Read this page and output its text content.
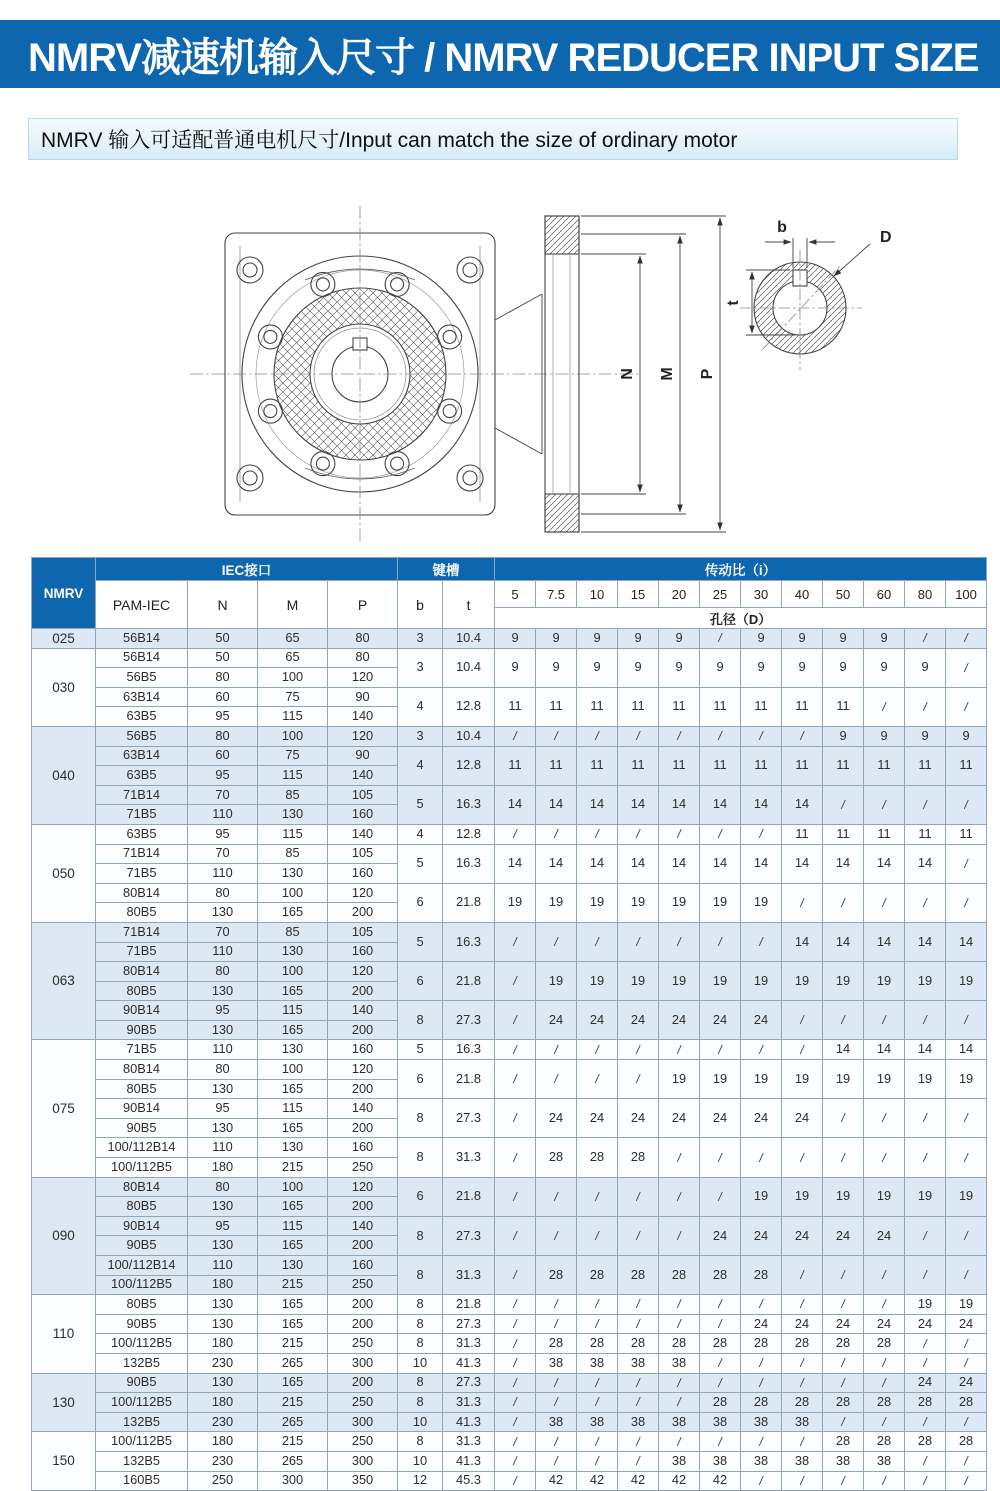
NMRV减速机输入尺寸 / NMRV REDUCER INPUT SIZE
NMRV 输入可适配普通电机尺寸/Input can match the size of ordinary motor
N M P
b
t
D
NMRV	IEC接口				键槽		传动比（i）											
	PAM-IEC	N	M	P	b	t	5	7.5	10	15	20	25	30	40	50	60	80	100
							孔径（D）											
025	56B14	50	65	80	3	10.4	9	9	9	9	9	/	9	9	9	9	/	/
030	56B14	50	65	80	3	10.4	9	9	9	9	9	9	9	9	9	9	9	/
	56B5	80	100	120														
	63B14	60	75	90	4	12.8	11	11	11	11	11	11	11	11	11	/	/	/
	63B5	95	115	140														
040	56B5	80	100	120	3	10.4	/	/	/	/	/	/	/	/	9	9	9	9
	63B14	60	75	90	4	12.8	11	11	11	11	11	11	11	11	11	11	11	11
	63B5	95	115	140														
	71B14	70	85	105	5	16.3	14	14	14	14	14	14	14	14	/	/	/	/
	71B5	110	130	160														
050	63B5	95	115	140	4	12.8	/	/	/	/	/	/	/	11	11	11	11	11
	71B14	70	85	105	5	16.3	14	14	14	14	14	14	14	14	14	14	14	/
	71B5	110	130	160														
	80B14	80	100	120	6	21.8	19	19	19	19	19	19	19	/	/	/	/	/
	80B5	130	165	200														
063	71B14	70	85	105	5	16.3	/	/	/	/	/	/	/	14	14	14	14	14
	71B5	110	130	160														
	80B14	80	100	120	6	21.8	/	19	19	19	19	19	19	19	19	19	19	19
	80B5	130	165	200														
	90B14	95	115	140	8	27.3	/	24	24	24	24	24	24	/	/	/	/	/
	90B5	130	165	200														
075	71B5	110	130	160	5	16.3	/	/	/	/	/	/	/	/	14	14	14	14
	80B14	80	100	120	6	21.8	/	/	/	/	19	19	19	19	19	19	19	19
	80B5	130	165	200														
	90B14	95	115	140	8	27.3	/	24	24	24	24	24	24	24	/	/	/	/
	90B5	130	165	200														
	100/112B14	110	130	160	8	31.3	/	28	28	28	/	/	/	/	/	/	/	/
	100/112B5	180	215	250														
090	80B14	80	100	120	6	21.8	/	/	/	/	/	/	19	19	19	19	19	19
	80B5	130	165	200														
	90B14	95	115	140	8	27.3	/	/	/	/	/	24	24	24	24	24	/	/
	90B5	130	165	200														
	100/112B14	110	130	160	8	31.3	/	28	28	28	28	28	28	/	/	/	/	/
	100/112B5	180	215	250														
110	80B5	130	165	200	8	21.8	/	/	/	/	/	/	/	/	/	/	19	19
	90B5	130	165	200	8	27.3	/	/	/	/	/	/	24	24	24	24	24	24
	100/112B5	180	215	250	8	31.3	/	28	28	28	28	28	28	28	28	28	/	/
	132B5	230	265	300	10	41.3	/	38	38	38	38	/	/	/	/	/	/	/
130	90B5	130	165	200	8	27.3	/	/	/	/	/	/	/	/	/	/	24	24
	100/112B5	180	215	250	8	31.3	/	/	/	/	/	28	28	28	28	28	28	28
	132B5	230	265	300	10	41.3	/	38	38	38	38	38	38	38	/	/	/	/
150	100/112B5	180	215	250	8	31.3	/	/	/	/	/	/	/	/	28	28	28	28
	132B5	230	265	300	10	41.3	/	/	/	/	38	38	38	38	38	38	/	/
	160B5	250	300	350	12	45.3	/	42	42	42	42	42	/	/	/	/	/	/
